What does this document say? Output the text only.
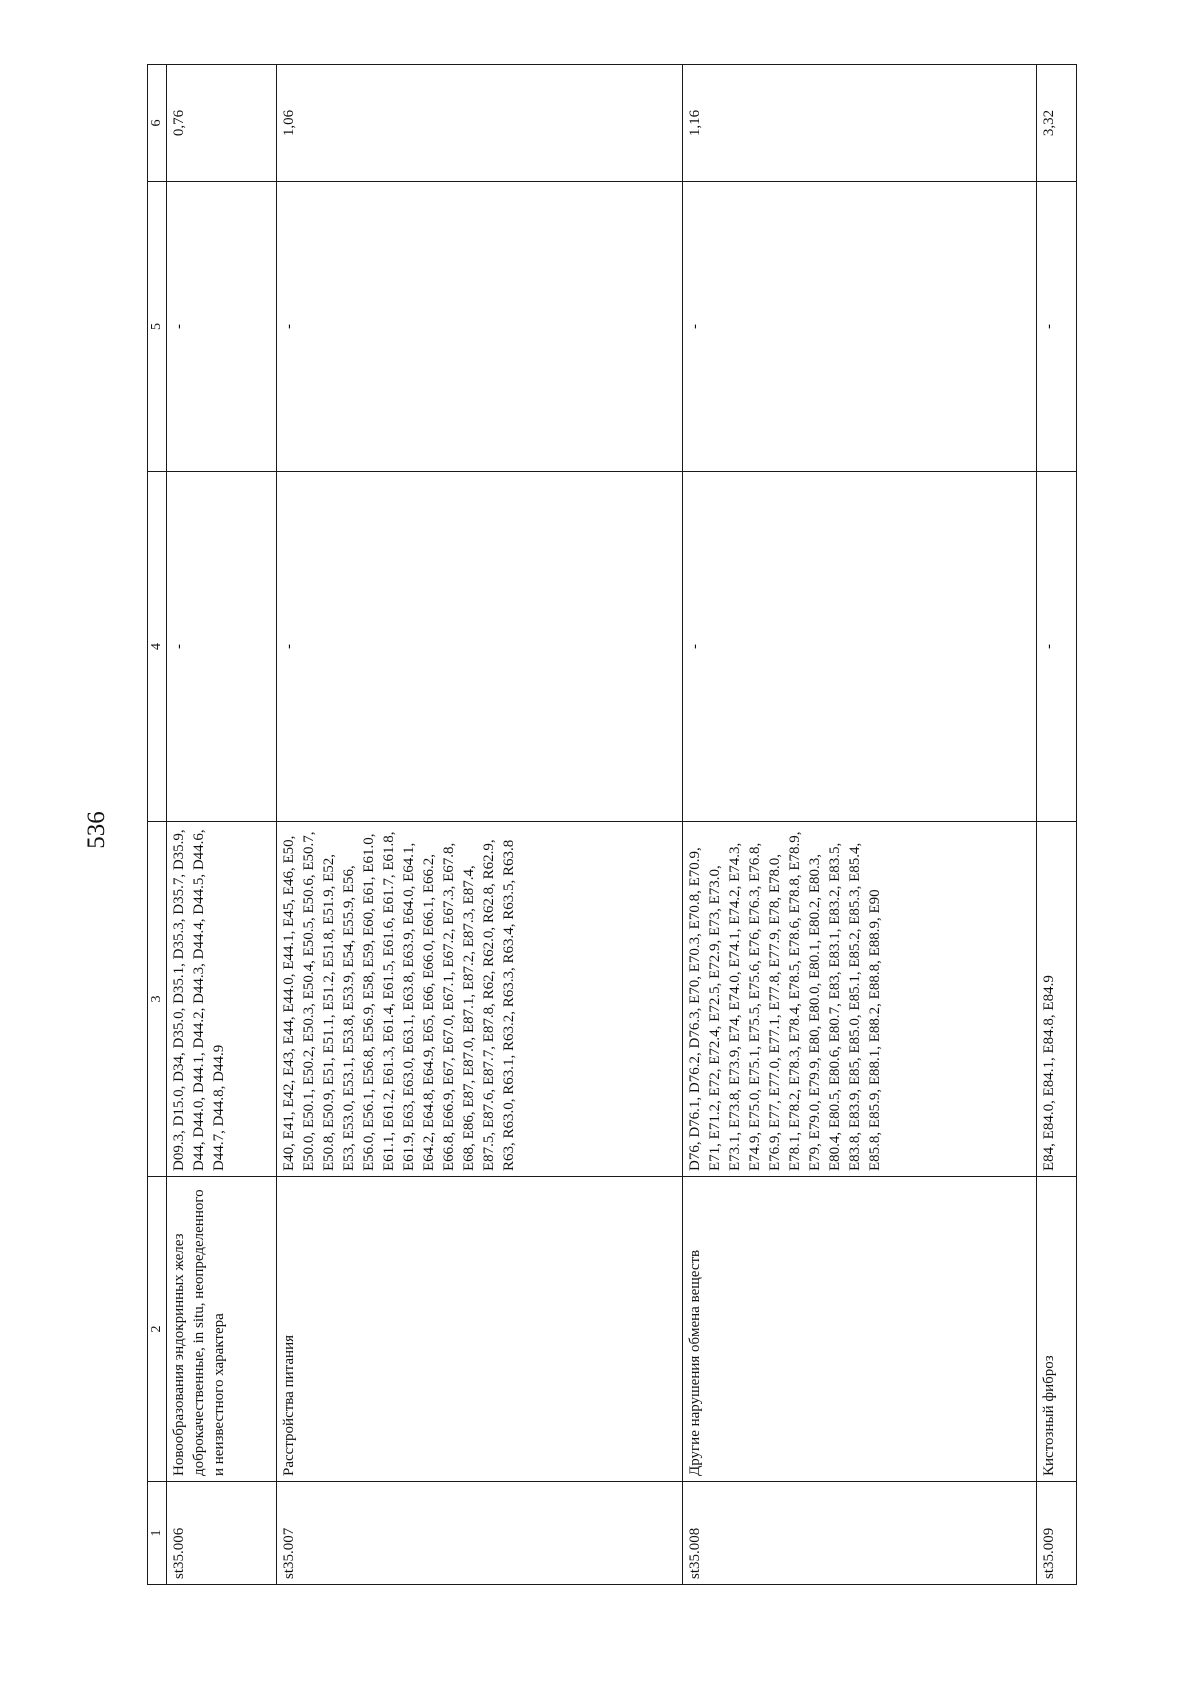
536
1	2	3	4	5	6
st35.006	Новообразования эндокринных желез доброкачественные, in situ, неопределенного и неизвестного характера	D09.3, D15.0, D34, D35.0, D35.1, D35.3, D35.7, D35.9, D44, D44.0, D44.1, D44.2, D44.3, D44.4, D44.5, D44.6, D44.7, D44.8, D44.9	-	-	0,76
st35.007	Расстройства питания	E40, E41, E42, E43, E44, E44.0, E44.1, E45, E46, E50, E50.0, E50.1, E50.2, E50.3, E50.4, E50.5, E50.6, E50.7, E50.8, E50.9, E51, E51.1, E51.2, E51.8, E51.9, E52, E53, E53.0, E53.1, E53.8, E53.9, E54, E55.9, E56, E56.0, E56.1, E56.8, E56.9, E58, E59, E60, E61, E61.0, E61.1, E61.2, E61.3, E61.4, E61.5, E61.6, E61.7, E61.8, E61.9, E63, E63.0, E63.1, E63.8, E63.9, E64.0, E64.1, E64.2, E64.8, E64.9, E65, E66, E66.0, E66.1, E66.2, E66.8, E66.9, E67, E67.0, E67.1, E67.2, E67.3, E67.8, E68, E86, E87, E87.0, E87.1, E87.2, E87.3, E87.4, E87.5, E87.6, E87.7, E87.8, R62, R62.0, R62.8, R62.9, R63, R63.0, R63.1, R63.2, R63.3, R63.4, R63.5, R63.8	-	-	1,06
st35.008	Другие нарушения обмена веществ	D76, D76.1, D76.2, D76.3, E70, E70.3, E70.8, E70.9, E71, E71.2, E72, E72.4, E72.5, E72.9, E73, E73.0, E73.1, E73.8, E73.9, E74, E74.0, E74.1, E74.2, E74.3, E74.9, E75.0, E75.1, E75.5, E75.6, E76, E76.3, E76.8, E76.9, E77, E77.0, E77.1, E77.8, E77.9, E78, E78.0, E78.1, E78.2, E78.3, E78.4, E78.5, E78.6, E78.8, E78.9, E79, E79.0, E79.9, E80, E80.0, E80.1, E80.2, E80.3, E80.4, E80.5, E80.6, E80.7, E83, E83.1, E83.2, E83.5, E83.8, E83.9, E85, E85.0, E85.1, E85.2, E85.3, E85.4, E85.8, E85.9, E88.1, E88.2, E88.8, E88.9, E90	-	-	1,16
st35.009	Кистозный фиброз	E84, E84.0, E84.1, E84.8, E84.9	-	-	3,32
